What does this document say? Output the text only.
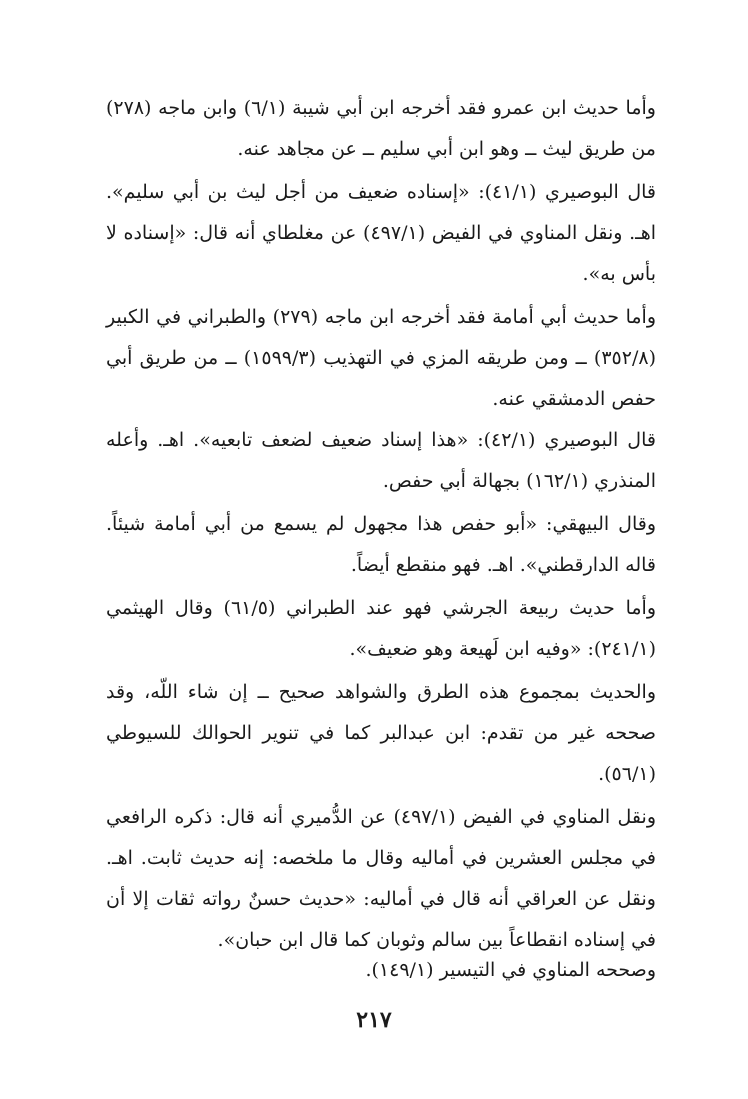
وأما حديث ابن عمرو فقد أخرجه ابن أبي شيبة (٦/١) وابن ماجه (٢٧٨) من طريق ليث ــ وهو ابن أبي سليم ــ عن مجاهد عنه.

قال البوصيري (٤١/١): «إسناده ضعيف من أجل ليث بن أبي سليم». اهـ. ونقل المناوي في الفيض (٤٩٧/١) عن مغلطاي أنه قال: «إسناده لا بأس به».

وأما حديث أبي أمامة فقد أخرجه ابن ماجه (٢٧٩) والطبراني في الكبير (٣٥٢/٨) ــ ومن طريقه المزي في التهذيب (١٥٩٩/٣) ــ من طريق أبي حفص الدمشقي عنه.

قال البوصيري (٤٢/١): «هذا إسناد ضعيف لضعف تابعيه». اهـ. وأعله المنذري (١٦٢/١) بجهالة أبي حفص.

وقال البيهقي: «أبو حفص هذا مجهول لم يسمع من أبي أمامة شيئاً. قاله الدارقطني». اهـ. فهو منقطع أيضاً.

وأما حديث ربيعة الجرشي فهو عند الطبراني (٦١/٥) وقال الهيثمي (٢٤١/١): «وفيه ابن لَهيعة وهو ضعيف».

والحديث بمجموع هذه الطرق والشواهد صحيح ــ إن شاء اللّه، وقد صححه غير من تقدم: ابن عبدالبر كما في تنوير الحوالك للسيوطي (٥٦/١).

ونقل المناوي في الفيض (٤٩٧/١) عن الدُّميري أنه قال: ذكره الرافعي في مجلس العشرين في أماليه وقال ما ملخصه: إنه حديث ثابت. اهـ. ونقل عن العراقي أنه قال في أماليه: «حديث حسنٌ رواته ثقات إلا أن في إسناده انقطاعاً بين سالم وثوبان كما قال ابن حبان».

وصححه المناوي في التيسير (١٤٩/١).

٢١٧
